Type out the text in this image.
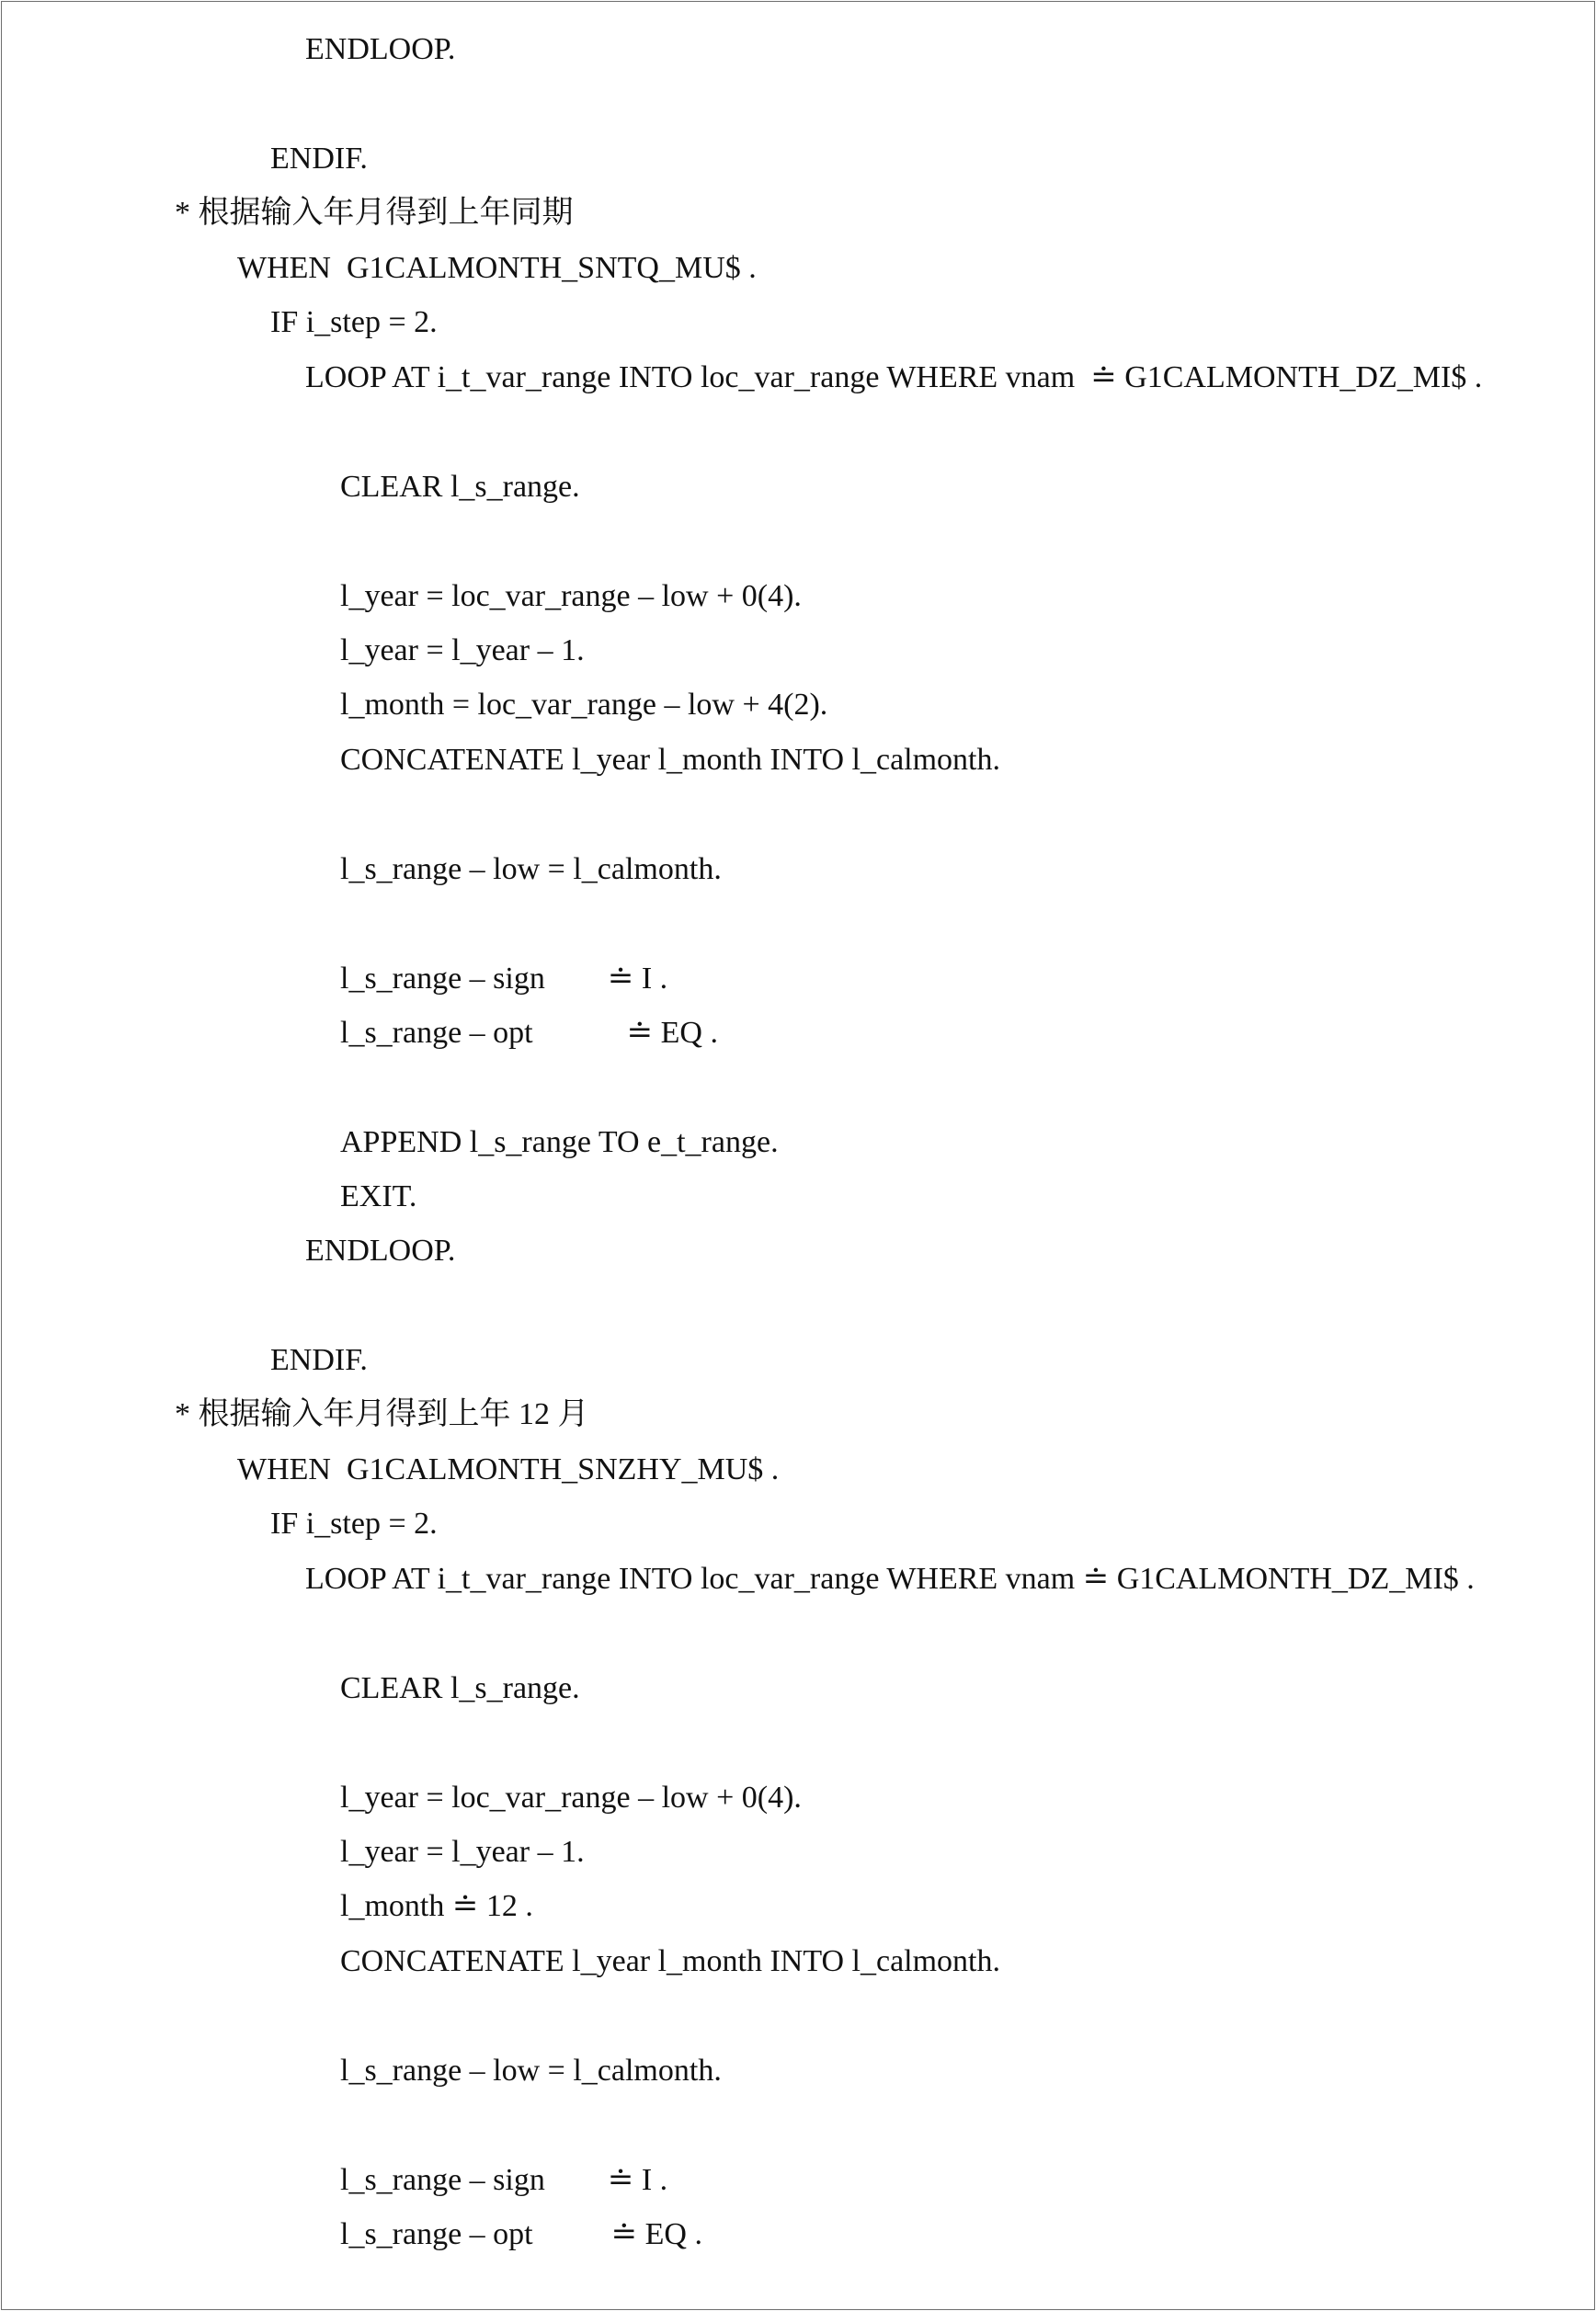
ENDLOOP.
ENDIF.
* 根据输入年月得到上年同期
WHEN  G1CALMONTH_SNTQ_MU$ .
IF i_step = 2.
LOOP AT i_t_var_range INTO loc_var_range WHERE vnam  ≐ G1CALMONTH_DZ_MI$ .
CLEAR l_s_range.
l_year = loc_var_range – low + 0(4).
l_year = l_year – 1.
l_month = loc_var_range – low + 4(2).
CONCATENATE l_year l_month INTO l_calmonth.
l_s_range – low = l_calmonth.
l_s_range – sign        ≐ I .
l_s_range – opt            ≐ EQ .
APPEND l_s_range TO e_t_range.
EXIT.
ENDLOOP.
ENDIF.
* 根据输入年月得到上年 12 月
WHEN  G1CALMONTH_SNZHY_MU$ .
IF i_step = 2.
LOOP AT i_t_var_range INTO loc_var_range WHERE vnam ≐ G1CALMONTH_DZ_MI$ .
CLEAR l_s_range.
l_year = loc_var_range – low + 0(4).
l_year = l_year – 1.
l_month ≐ 12 .
CONCATENATE l_year l_month INTO l_calmonth.
l_s_range – low = l_calmonth.
l_s_range – sign        ≐ I .
l_s_range – opt          ≐ EQ .
